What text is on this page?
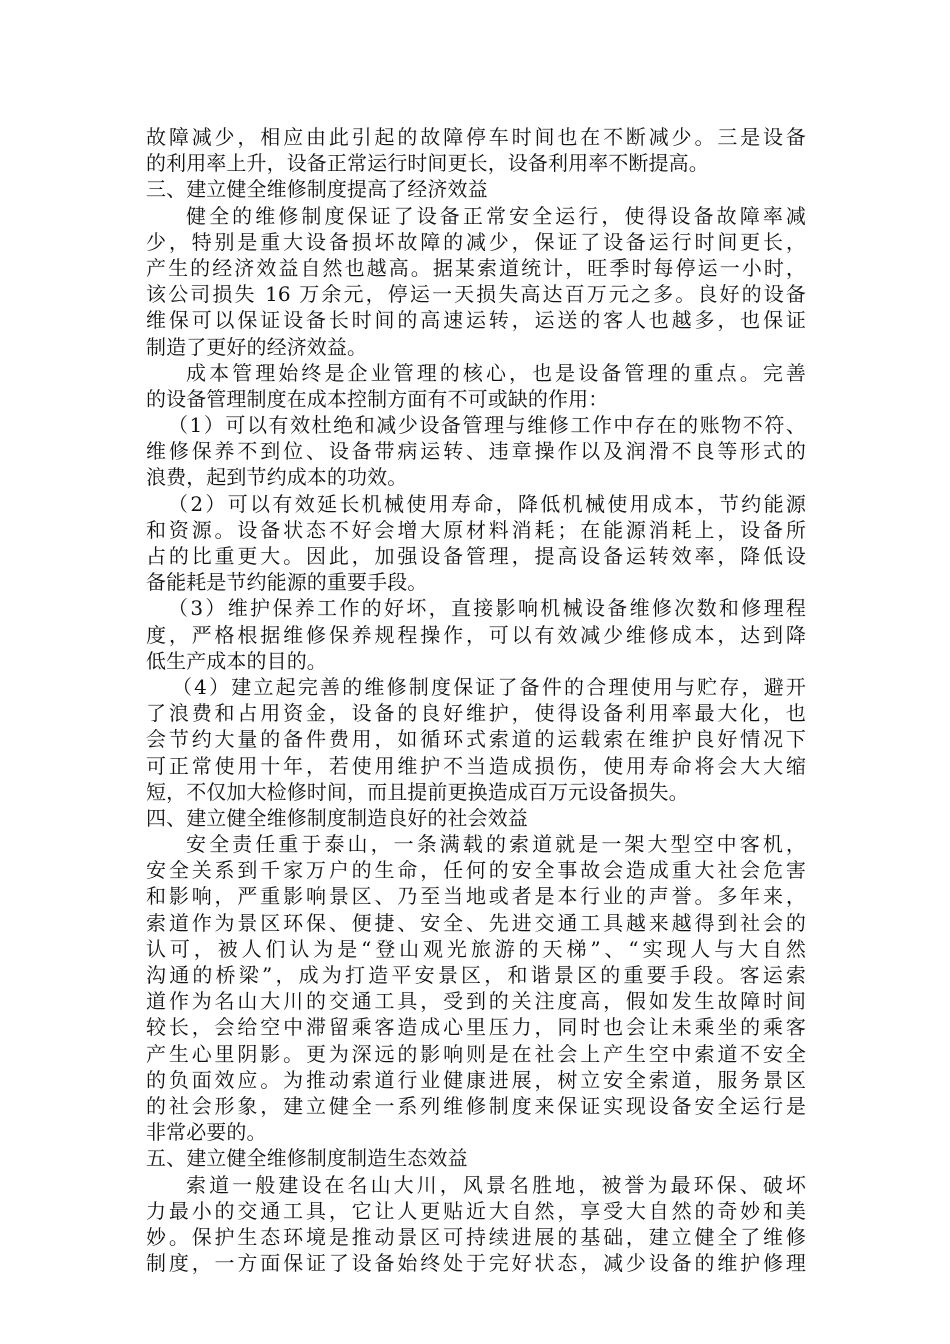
故障减少，相应由此引起的故障停车时间也在不断减少。三是设备
的利用率上升，设备正常运行时间更长，设备利用率不断提高。
三、建立健全维修制度提高了经济效益
健全的维修制度保证了设备正常安全运行，使得设备故障率减
少，特别是重大设备损坏故障的减少，保证了设备运行时间更长，
产生的经济效益自然也越高。据某索道统计，旺季时每停运一小时，
该公司损失 16 万余元，停运一天损失高达百万元之多。良好的设备
维保可以保证设备长时间的高速运转，运送的客人也越多，也保证
制造了更好的经济效益。
成本管理始终是企业管理的核心，也是设备管理的重点。完善
的设备管理制度在成本控制方面有不可或缺的作用：
（1）可以有效杜绝和减少设备管理与维修工作中存在的账物不符、
维修保养不到位、设备带病运转、违章操作以及润滑不良等形式的
浪费，起到节约成本的功效。
（2）可以有效延长机械使用寿命，降低机械使用成本，节约能源
和资源。设备状态不好会增大原材料消耗；在能源消耗上，设备所
占的比重更大。因此，加强设备管理，提高设备运转效率，降低设
备能耗是节约能源的重要手段。
（3）维护保养工作的好坏，直接影响机械设备维修次数和修理程
度，严格根据维修保养规程操作，可以有效减少维修成本，达到降
低生产成本的目的。
（4）建立起完善的维修制度保证了备件的合理使用与贮存，避开
了浪费和占用资金，设备的良好维护，使得设备利用率最大化，也
会节约大量的备件费用，如循环式索道的运载索在维护良好情况下
可正常使用十年，若使用维护不当造成损伤，使用寿命将会大大缩
短，不仅加大检修时间，而且提前更换造成百万元设备损失。
四、建立健全维修制度制造良好的社会效益
安全责任重于泰山，一条满载的索道就是一架大型空中客机，
安全关系到千家万户的生命，任何的安全事故会造成重大社会危害
和影响，严重影响景区、乃至当地或者是本行业的声誉。多年来，
索道作为景区环保、便捷、安全、先进交通工具越来越得到社会的
认可，被人们认为是“登山观光旅游的天梯”、“实现人与大自然
沟通的桥梁”，成为打造平安景区，和谐景区的重要手段。客运索
道作为名山大川的交通工具，受到的关注度高，假如发生故障时间
较长，会给空中滞留乘客造成心里压力，同时也会让未乘坐的乘客
产生心里阴影。更为深远的影响则是在社会上产生空中索道不安全
的负面效应。为推动索道行业健康进展，树立安全索道，服务景区
的社会形象，建立健全一系列维修制度来保证实现设备安全运行是
非常必要的。
五、建立健全维修制度制造生态效益
索道一般建设在名山大川，风景名胜地，被誉为最环保、破坏
力最小的交通工具，它让人更贴近大自然，享受大自然的奇妙和美
妙。保护生态环境是推动景区可持续进展的基础，建立健全了维修
制度，一方面保证了设备始终处于完好状态，减少设备的维护修理
